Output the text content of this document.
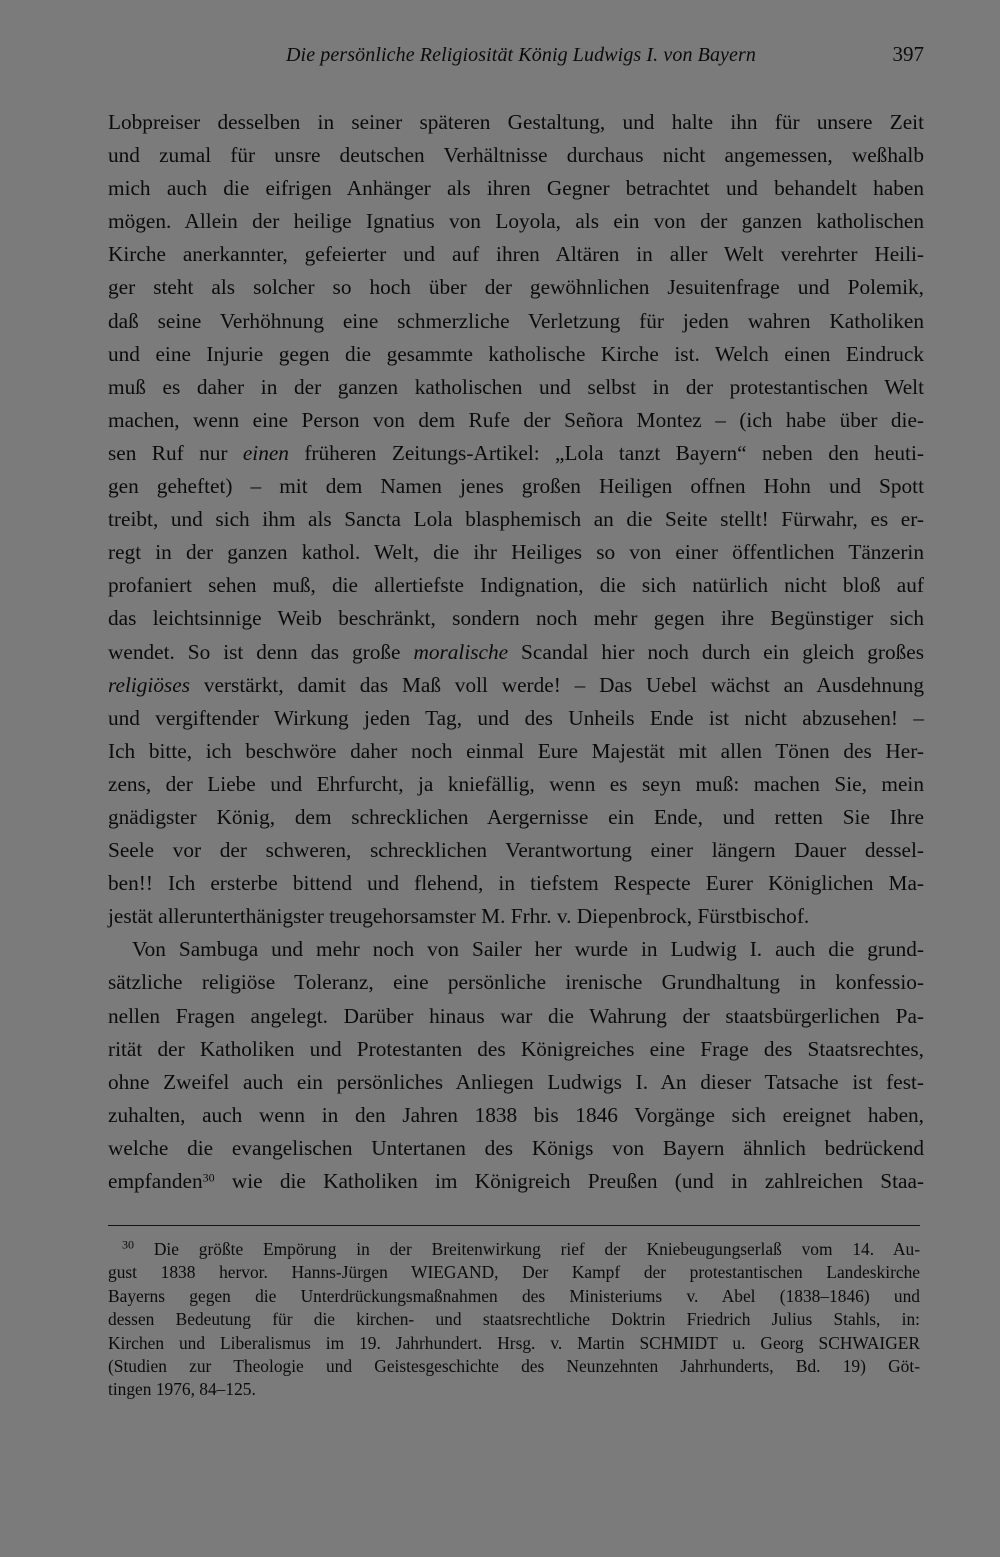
Die persönliche Religiosität König Ludwigs I. von Bayern	397
Lobpreiser desselben in seiner späteren Gestaltung, und halte ihn für unsere Zeit
und zumal für unsre deutschen Verhältnisse durchaus nicht angemessen, weßhalb
mich auch die eifrigen Anhänger als ihren Gegner betrachtet und behandelt haben
mögen. Allein der heilige Ignatius von Loyola, als ein von der ganzen katholischen
Kirche anerkannter, gefeierter und auf ihren Altären in aller Welt verehrter Heili-
ger steht als solcher so hoch über der gewöhnlichen Jesuitenfrage und Polemik,
daß seine Verhöhnung eine schmerzliche Verletzung für jeden wahren Katholiken
und eine Injurie gegen die gesammte katholische Kirche ist. Welch einen Eindruck
muß es daher in der ganzen katholischen und selbst in der protestantischen Welt
machen, wenn eine Person von dem Rufe der Señora Montez – (ich habe über die-
sen Ruf nur einen früheren Zeitungs-Artikel: „Lola tanzt Bayern“ neben den heuti-
gen geheftet) – mit dem Namen jenes großen Heiligen offnen Hohn und Spott
treibt, und sich ihm als Sancta Lola blasphemisch an die Seite stellt! Fürwahr, es er-
regt in der ganzen kathol. Welt, die ihr Heiliges so von einer öffentlichen Tänzerin
profaniert sehen muß, die allertiefste Indignation, die sich natürlich nicht bloß auf
das leichtsinnige Weib beschränkt, sondern noch mehr gegen ihre Begünstiger sich
wendet. So ist denn das große moralische Scandal hier noch durch ein gleich großes
religiöses verstärkt, damit das Maß voll werde! – Das Uebel wächst an Ausdehnung
und vergiftender Wirkung jeden Tag, und des Unheils Ende ist nicht abzusehen! –
Ich bitte, ich beschwöre daher noch einmal Eure Majestät mit allen Tönen des Her-
zens, der Liebe und Ehrfurcht, ja kniefällig, wenn es seyn muß: machen Sie, mein
gnädigster König, dem schrecklichen Aergernisse ein Ende, und retten Sie Ihre
Seele vor der schweren, schrecklichen Verantwortung einer längern Dauer dessel-
ben!! Ich ersterbe bittend und flehend, in tiefstem Respecte Eurer Königlichen Ma-
jestät allerunterthänigster treugehorsamster M. Frhr. v. Diepenbrock, Fürstbischof.
Von Sambuga und mehr noch von Sailer her wurde in Ludwig I. auch die grund-
sätzliche religiöse Toleranz, eine persönliche irenische Grundhaltung in konfessio-
nellen Fragen angelegt. Darüber hinaus war die Wahrung der staatsbürgerlichen Pa-
rität der Katholiken und Protestanten des Königreiches eine Frage des Staatsrechtes,
ohne Zweifel auch ein persönliches Anliegen Ludwigs I. An dieser Tatsache ist fest-
zuhalten, auch wenn in den Jahren 1838 bis 1846 Vorgänge sich ereignet haben,
welche die evangelischen Untertanen des Königs von Bayern ähnlich bedrückend
empfanden$^{30}$ wie die Katholiken im Königreich Preußen (und in zahlreichen Staa-
$^{30}$ Die größte Empörung in der Breitenwirkung rief der Kniebeugungserlaß vom 14. Au-
gust 1838 hervor. Hanns-Jürgen WIEGAND, Der Kampf der protestantischen Landeskirche
Bayerns gegen die Unterdrückungsmaßnahmen des Ministeriums v. Abel (1838–1846) und
dessen Bedeutung für die kirchen- und staatsrechtliche Doktrin Friedrich Julius Stahls, in:
Kirchen und Liberalismus im 19. Jahrhundert. Hrsg. v. Martin SCHMIDT u. Georg SCHWAIGER
(Studien zur Theologie und Geistesgeschichte des Neunzehnten Jahrhunderts, Bd. 19) Göt-
tingen 1976, 84–125.
